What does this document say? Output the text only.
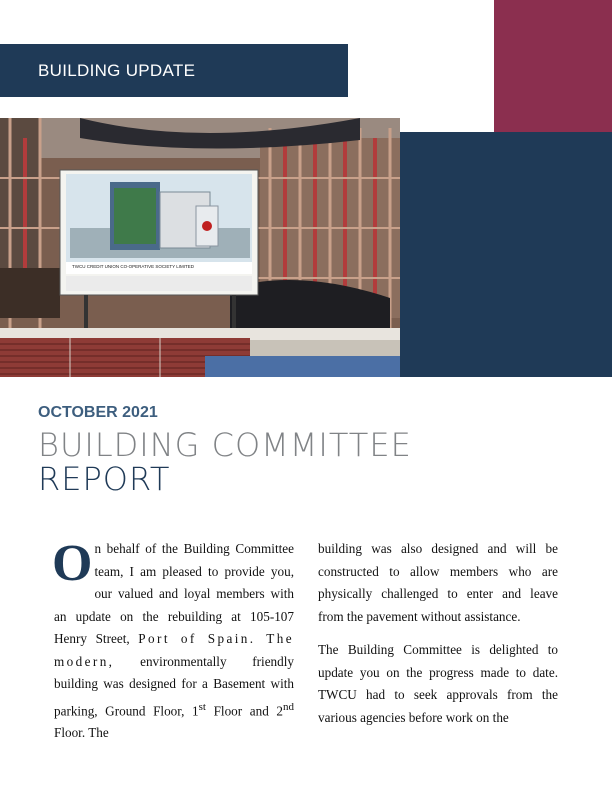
TWCU CREDIT UNION CO-OPERATIVE SOCIETY LIMITED
BUILDING UPDATE
OCTOBER 2021
BUILDING COMMITTEE
REPORT

On behalf of the Building Committee team, I am pleased to provide you, our valued and loyal members with an update on the rebuilding at 105-107 Henry Street, Port of Spain. The modern, environmentally friendly building was designed for a Basement with parking, Ground Floor, 1st Floor and 2nd Floor. The

building was also designed and will be constructed to allow members who are physically challenged to enter and leave from the pavement without assistance.

The Building Committee is delighted to update you on the progress made to date. TWCU had to seek approvals from the various agencies before work on the
